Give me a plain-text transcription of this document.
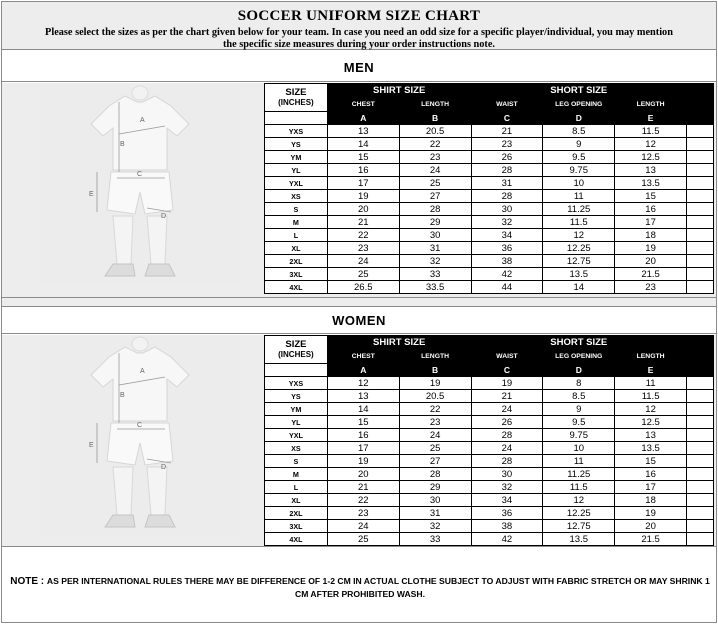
SOCCER UNIFORM SIZE CHART
Please select the sizes as per the chart given below for your team. In case you need an odd size for a specific player/individual, you may mention the specific size measures during your order instructions note.
MEN
A
B
C
D
E
SIZE
(INCHES)	SHIRT SIZE		SHORT SIZE			
	CHEST	LENGTH	WAIST	LEG OPENING	LENGTH	
	A	B	C	D	E	
YXS	13	20.5	21	8.5	11.5	
YS	14	22	23	9	12	
YM	15	23	26	9.5	12.5	
YL	16	24	28	9.75	13	
YXL	17	25	31	10	13.5	
XS	19	27	28	11	15	
S	20	28	30	11.25	16	
M	21	29	32	11.5	17	
L	22	30	34	12	18	
XL	23	31	36	12.25	19	
2XL	24	32	38	12.75	20	
3XL	25	33	42	13.5	21.5	
4XL	26.5	33.5	44	14	23	
WOMEN
A
B
C
D
E
SIZE
(INCHES)	SHIRT SIZE		SHORT SIZE			
	CHEST	LENGTH	WAIST	LEG OPENING	LENGTH	
	A	B	C	D	E	
YXS	12	19	19	8	11	
YS	13	20.5	21	8.5	11.5	
YM	14	22	24	9	12	
YL	15	23	26	9.5	12.5	
YXL	16	24	28	9.75	13	
XS	17	25	24	10	13.5	
S	19	27	28	11	15	
M	20	28	30	11.25	16	
L	21	29	32	11.5	17	
XL	22	30	34	12	18	
2XL	23	31	36	12.25	19	
3XL	24	32	38	12.75	20	
4XL	25	33	42	13.5	21.5	
NOTE : AS PER INTERNATIONAL RULES THERE MAY BE DIFFERENCE OF 1-2 CM IN ACTUAL CLOTHE SUBJECT TO ADJUST WITH FABRIC STRETCH OR MAY SHRINK 1 CM AFTER PROHIBITED WASH.
